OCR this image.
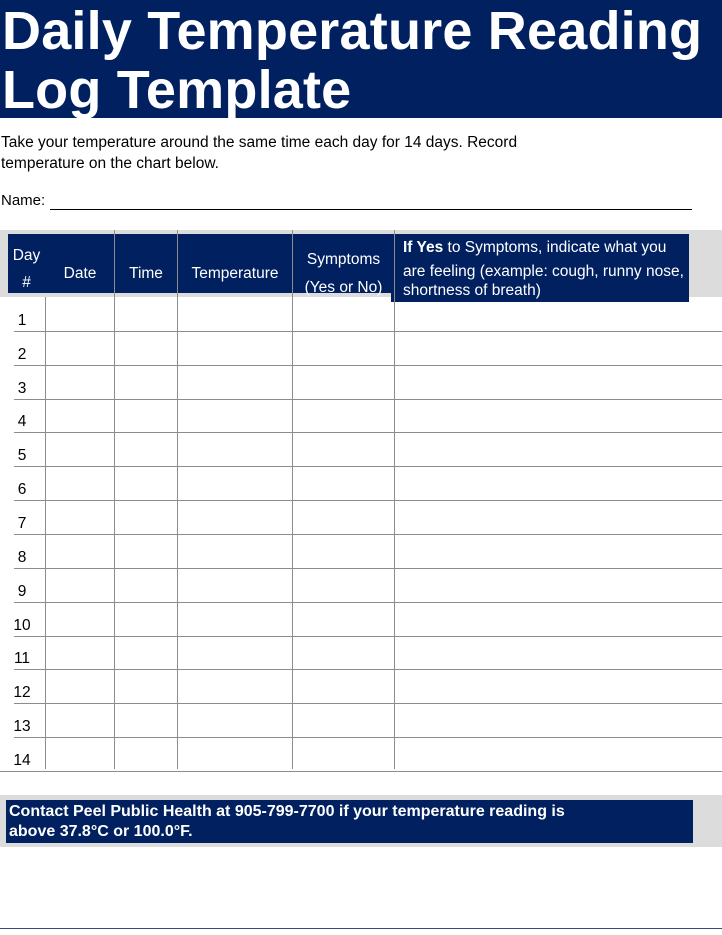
Daily Temperature Reading
Log Template
Take your temperature around the same time each day for 14 days. Record
temperature on the chart below.
Name:
Day
#
Date	Time	Temperature
Symptoms
(Yes or No)
If Yes to Symptoms, indicate what you
are feeling (example: cough, runny nose,
shortness of breath)
1
2
3
4
5
6
7
8
9
10
11
12
13
14
Contact Peel Public Health at 905-799-7700 if your temperature reading is
above 37.8°C or 100.0°F.
